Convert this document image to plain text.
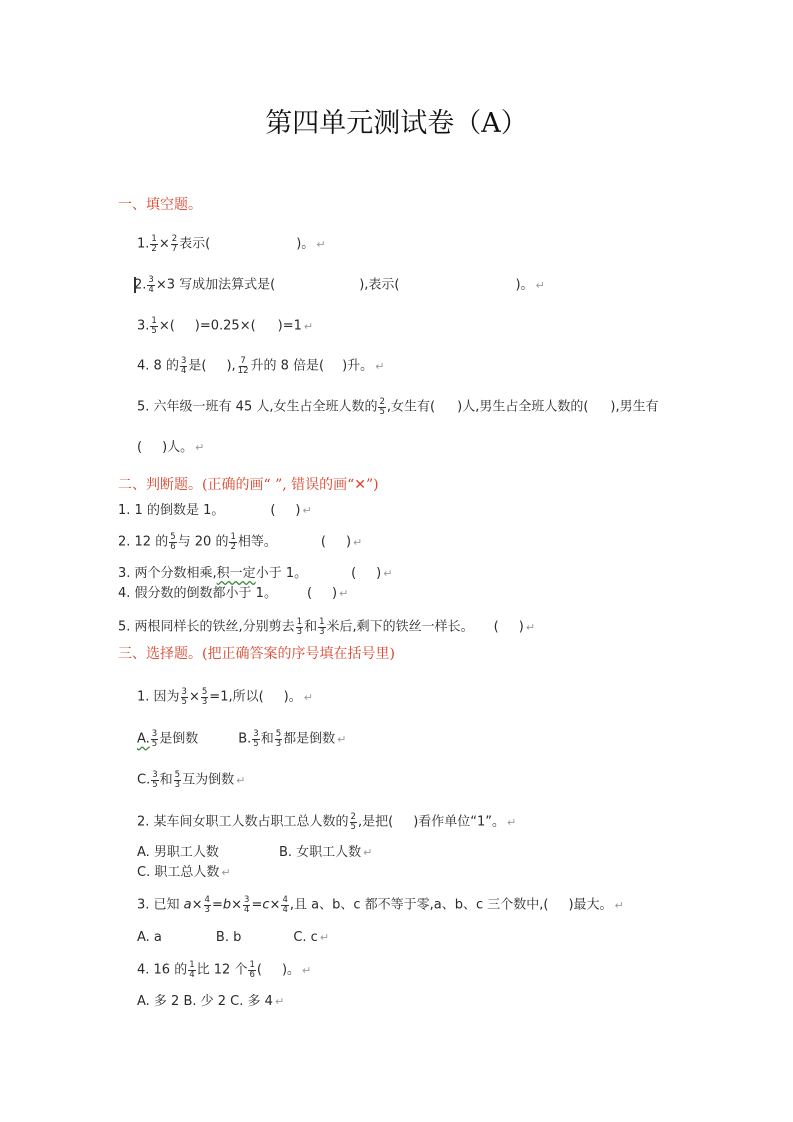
第四单元测试卷（A）
一、填空题。
1. $\frac{1}{2} \times \frac{2}{7}$ 表示(	)。 ↵
2. $\frac{3}{4} \times 3$ 写成加法算式是(	),表示(	)。 ↵
3. $\frac{1}{5}$ ×( )=0.25×( )=1 ↵
4. 8 的 $\frac{3}{4}$ 是( ), $\frac{7}{12}$ 升的 8 倍是( )升。 ↵
5. 六年级一班有 45 人,女生占全班人数的 $\frac{2}{5}$ ,女生有( )人,男生占全班人数的( ),男生有
( )人。 ↵
二、判断题。(正确的画“ ”, 错误的画“✕”)
1. 1 的倒数是 1。	( ) ↵
2. 12 的 $\frac{5}{6}$ 与 20 的 $\frac{1}{2}$ 相等。	( ) ↵
3. 两个分数相乘,积一定小于 1。	( ) ↵
4. 假分数的倒数都小于 1。 ( ) ↵
5. 两根同样长的铁丝,分别剪去 $\frac{1}{3}$ 和 $\frac{1}{3}$ 米后,剩下的铁丝一样长。 ( ) ↵
三、选择题。(把正确答案的序号填在括号里)
1. 因为 $\frac{3}{5} \times \frac{5}{3} =1$,所以( )。 ↵
A. $\frac{3}{5}$ 是倒数	B. $\frac{3}{5}$ 和 $\frac{5}{3}$ 都是倒数 ↵
C. $\frac{3}{5}$ 和 $\frac{5}{3}$ 互为倒数 ↵
2. 某车间女职工人数占职工总人数的 $\frac{2}{5}$ ,是把( )看作单位“1”。 ↵
A. 男职工人数	B. 女职工人数 ↵
C. 职工总人数 ↵
3. 已知 $a\times \frac{4}{3} =b\times \frac{3}{4} =c\times \frac{4}{4}$ ,且 a、b、c 都不等于零,a、b、c 三个数中,( )最大。 ↵
A. a	B. b	C. c ↵
4. 16 的 $\frac{1}{4}$ 比 12 个 $\frac{1}{6}$ ( )。 ↵
A. 多 2 B. 少 2 C. 多 4 ↵
